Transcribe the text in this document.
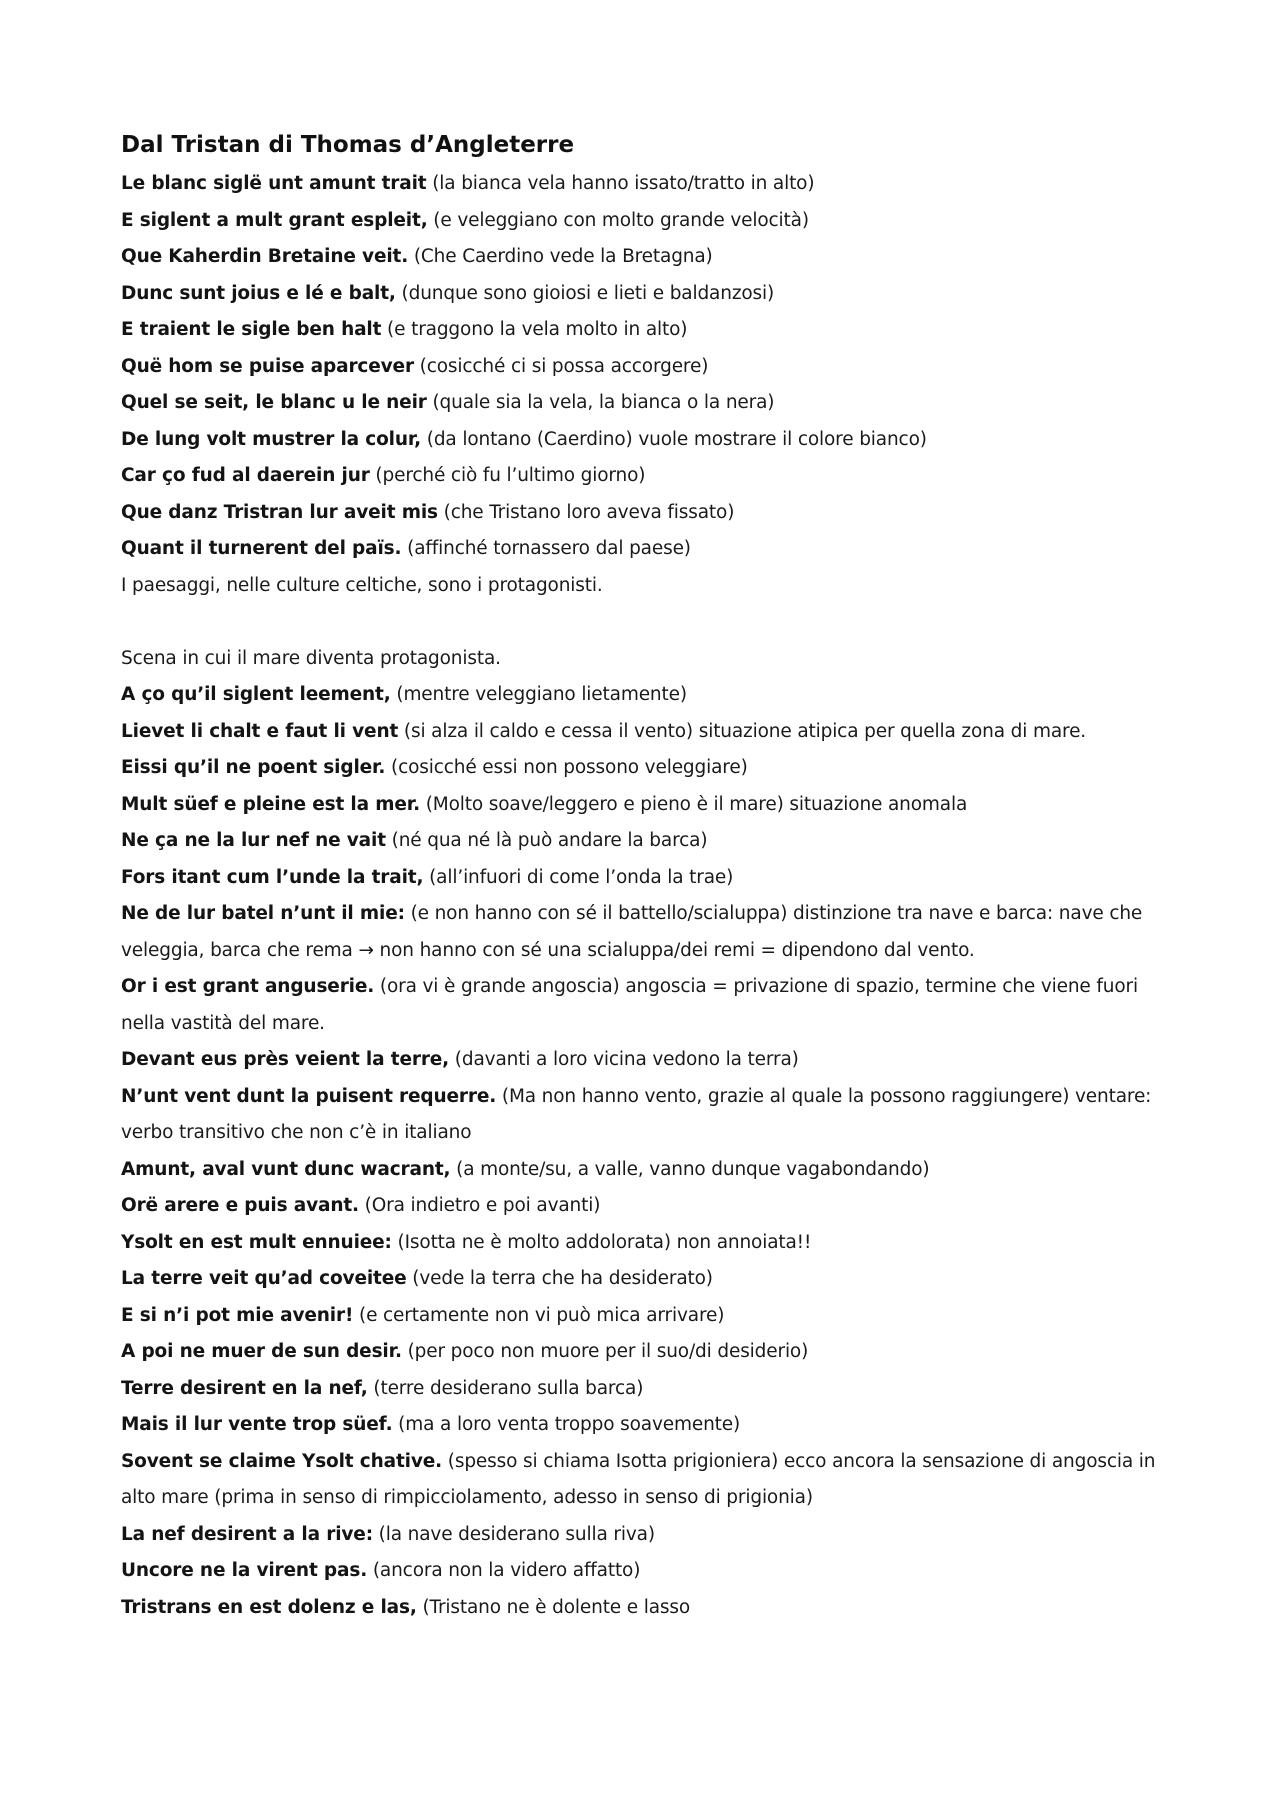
Dal Tristan di Thomas d’Angleterre
Le blanc siglë unt amunt trait (la bianca vela hanno issato/tratto in alto)
E siglent a mult grant espleit, (e veleggiano con molto grande velocità)
Que Kaherdin Bretaine veit. (Che Caerdino vede la Bretagna)
Dunc sunt joius e lé e balt, (dunque sono gioiosi e lieti e baldanzosi)
E traient le sigle ben halt (e traggono la vela molto in alto)
Quë hom se puise aparcever (cosicché ci si possa accorgere)
Quel se seit, le blanc u le neir (quale sia la vela, la bianca o la nera)
De lung volt mustrer la colur, (da lontano (Caerdino) vuole mostrare il colore bianco)
Car ço fud al daerein jur (perché ciò fu l’ultimo giorno)
Que danz Tristran lur aveit mis (che Tristano loro aveva fissato)
Quant il turnerent del païs. (affinché tornassero dal paese)
I paesaggi, nelle culture celtiche, sono i protagonisti.
Scena in cui il mare diventa protagonista.
A ço qu’il siglent leement, (mentre veleggiano lietamente)
Lievet li chalt e faut li vent (si alza il caldo e cessa il vento) situazione atipica per quella zona di mare.
Eissi qu’il ne poent sigler. (cosicché essi non possono veleggiare)
Mult süef e pleine est la mer. (Molto soave/leggero e pieno è il mare) situazione anomala
Ne ça ne la lur nef ne vait (né qua né là può andare la barca)
Fors itant cum l’unde la trait, (all’infuori di come l’onda la trae)
Ne de lur batel n’unt il mie: (e non hanno con sé il battello/scialuppa) distinzione tra nave e barca: nave che veleggia, barca che rema → non hanno con sé una scialuppa/dei remi = dipendono dal vento.
Or i est grant anguserie. (ora vi è grande angoscia) angoscia = privazione di spazio, termine che viene fuori nella vastità del mare.
Devant eus près veient la terre, (davanti a loro vicina vedono la terra)
N’unt vent dunt la puisent requerre. (Ma non hanno vento, grazie al quale la possono raggiungere) ventare: verbo transitivo che non c’è in italiano
Amunt, aval vunt dunc wacrant, (a monte/su, a valle, vanno dunque vagabondando)
Orë arere e puis avant. (Ora indietro e poi avanti)
Ysolt en est mult ennuiee: (Isotta ne è molto addolorata) non annoiata!!
La terre veit qu’ad coveitee (vede la terra che ha desiderato)
E si n’i pot mie avenir! (e certamente non vi può mica arrivare)
A poi ne muer de sun desir. (per poco non muore per il suo/di desiderio)
Terre desirent en la nef, (terre desiderano sulla barca)
Mais il lur vente trop süef. (ma a loro venta troppo soavemente)
Sovent se claime Ysolt chative. (spesso si chiama Isotta prigioniera) ecco ancora la sensazione di angoscia in alto mare (prima in senso di rimpicciolamento, adesso in senso di prigionia)
La nef desirent a la rive: (la nave desiderano sulla riva)
Uncore ne la virent pas. (ancora non la videro affatto)
Tristrans en est dolenz e las, (Tristano ne è dolente e lasso
